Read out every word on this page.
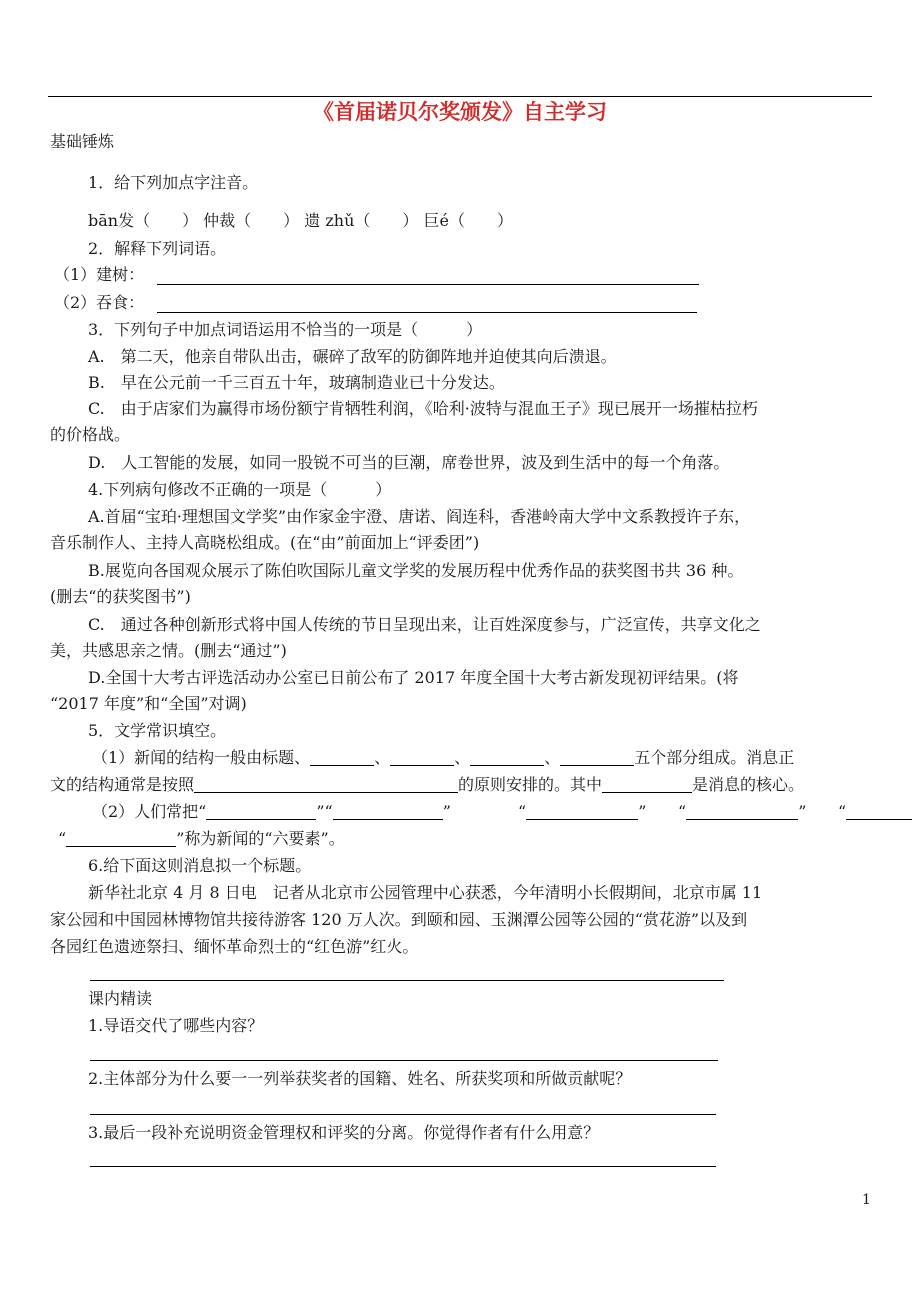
《首届诺贝尔奖颁发》自主学习
基础锤炼
1．给下列加点字注音。
bān发（　　） 仲裁（　　） 遗 zhǔ（　　） 巨é（　　）
2．解释下列词语。
（1）建树：
（2）吞食：
3．下列句子中加点词语运用不恰当的一项是（　　　）
A.　第二天，他亲自带队出击，碾碎了敌军的防御阵地并迫使其向后溃退。
B.　早在公元前一千三百五十年，玻璃制造业已十分发达。
C.　由于店家们为赢得市场份额宁肯牺牲利润，《哈利·波特与混血王子》现已展开一场摧枯拉朽
的价格战。
D.　人工智能的发展，如同一股锐不可当的巨潮，席卷世界，波及到生活中的每一个角落。
4.下列病句修改不正确的一项是（　　　）
A.首届“宝珀·理想国文学奖”由作家金宇澄、唐诺、阎连科，香港岭南大学中文系教授许子东，
音乐制作人、主持人高晓松组成。(在“由”前面加上“评委团”)
B.展览向各国观众展示了陈伯吹国际儿童文学奖的发展历程中优秀作品的获奖图书共 36 种。
(删去“的获奖图书”)
C.　通过各种创新形式将中国人传统的节日呈现出来，让百姓深度参与，广泛宣传，共享文化之
美，共感思亲之情。(删去“通过”)
D.全国十大考古评选活动办公室已日前公布了 2017 年度全国十大考古新发现初评结果。(将
“2017 年度”和“全国”对调)
5．文学常识填空。
（1）新闻的结构一般由标题、	、	、	、	五个部分组成。消息正
文的结构通常是按照	的原则安排的。其中	是消息的核心。
（2）人们常把“	”“	”	“	” “	” “
“	”称为新闻的“六要素”。
6.给下面这则消息拟一个标题。
新华社北京 4 月 8 日电　记者从北京市公园管理中心获悉，今年清明小长假期间，北京市属 11
家公园和中国园林博物馆共接待游客 120 万人次。到颐和园、玉渊潭公园等公园的“赏花游”以及到
各园红色遗迹祭扫、缅怀革命烈士的“红色游”红火。
课内精读
1.导语交代了哪些内容？
2.主体部分为什么要一一列举获奖者的国籍、姓名、所获奖项和所做贡献呢？
3.最后一段补充说明资金管理权和评奖的分离。你觉得作者有什么用意？
1
